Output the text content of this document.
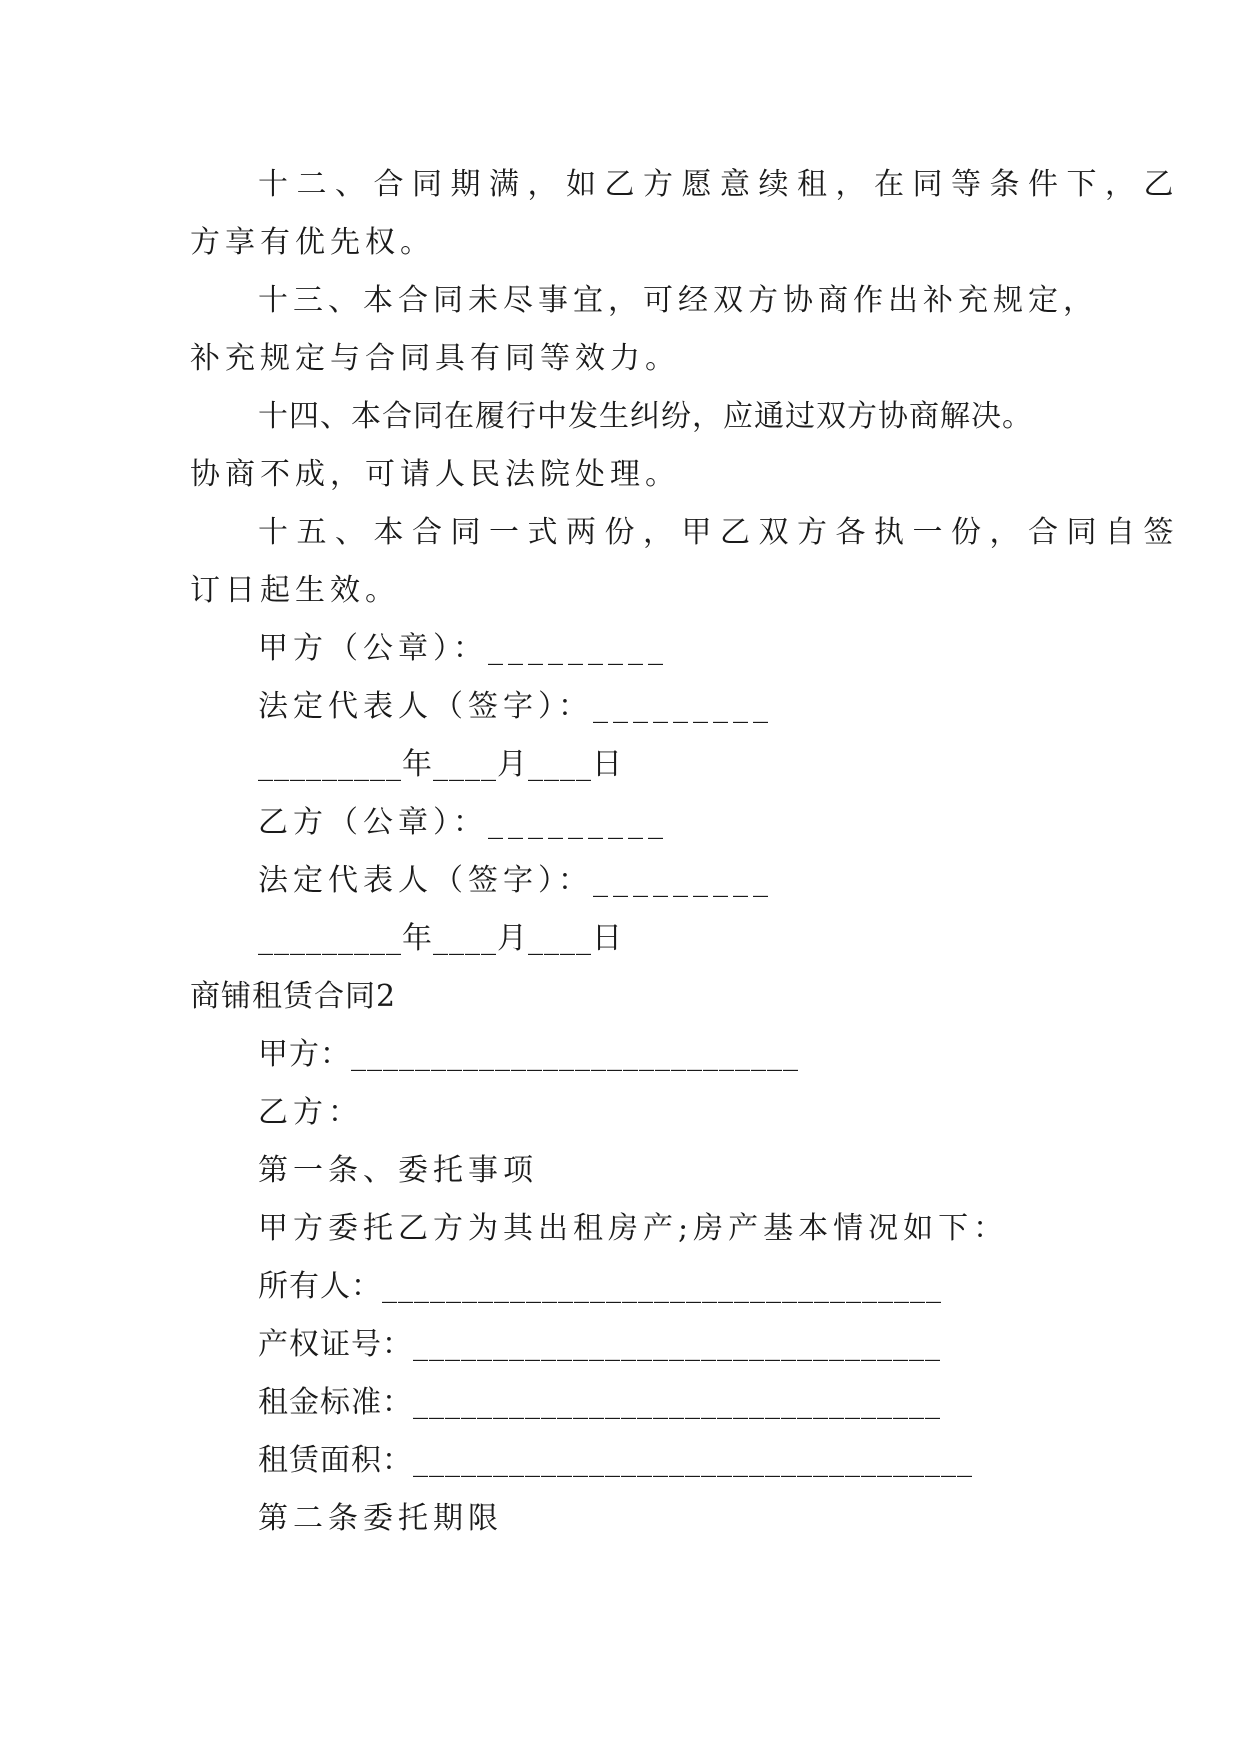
十二、合同期满，如乙方愿意续租，在同等条件下，乙
方享有优先权。
十三、本合同未尽事宜，可经双方协商作出补充规定，
补充规定与合同具有同等效力。
十四、本合同在履行中发生纠纷，应通过双方协商解决。
协商不成，可请人民法院处理。
十五、本合同一式两份，甲乙双方各执一份，合同自签
订日起生效。
甲方（公章）：_________
法定代表人（签字）：_________
_________年____月____日
乙方（公章）：_________
法定代表人（签字）：_________
_________年____月____日
商铺租赁合同2
甲方：____________________________
乙方：
第一条、委托事项
甲方委托乙方为其出租房产;房产基本情况如下：
所有人：___________________________________
产权证号：_________________________________
租金标准：_________________________________
租赁面积：___________________________________
第二条委托期限
